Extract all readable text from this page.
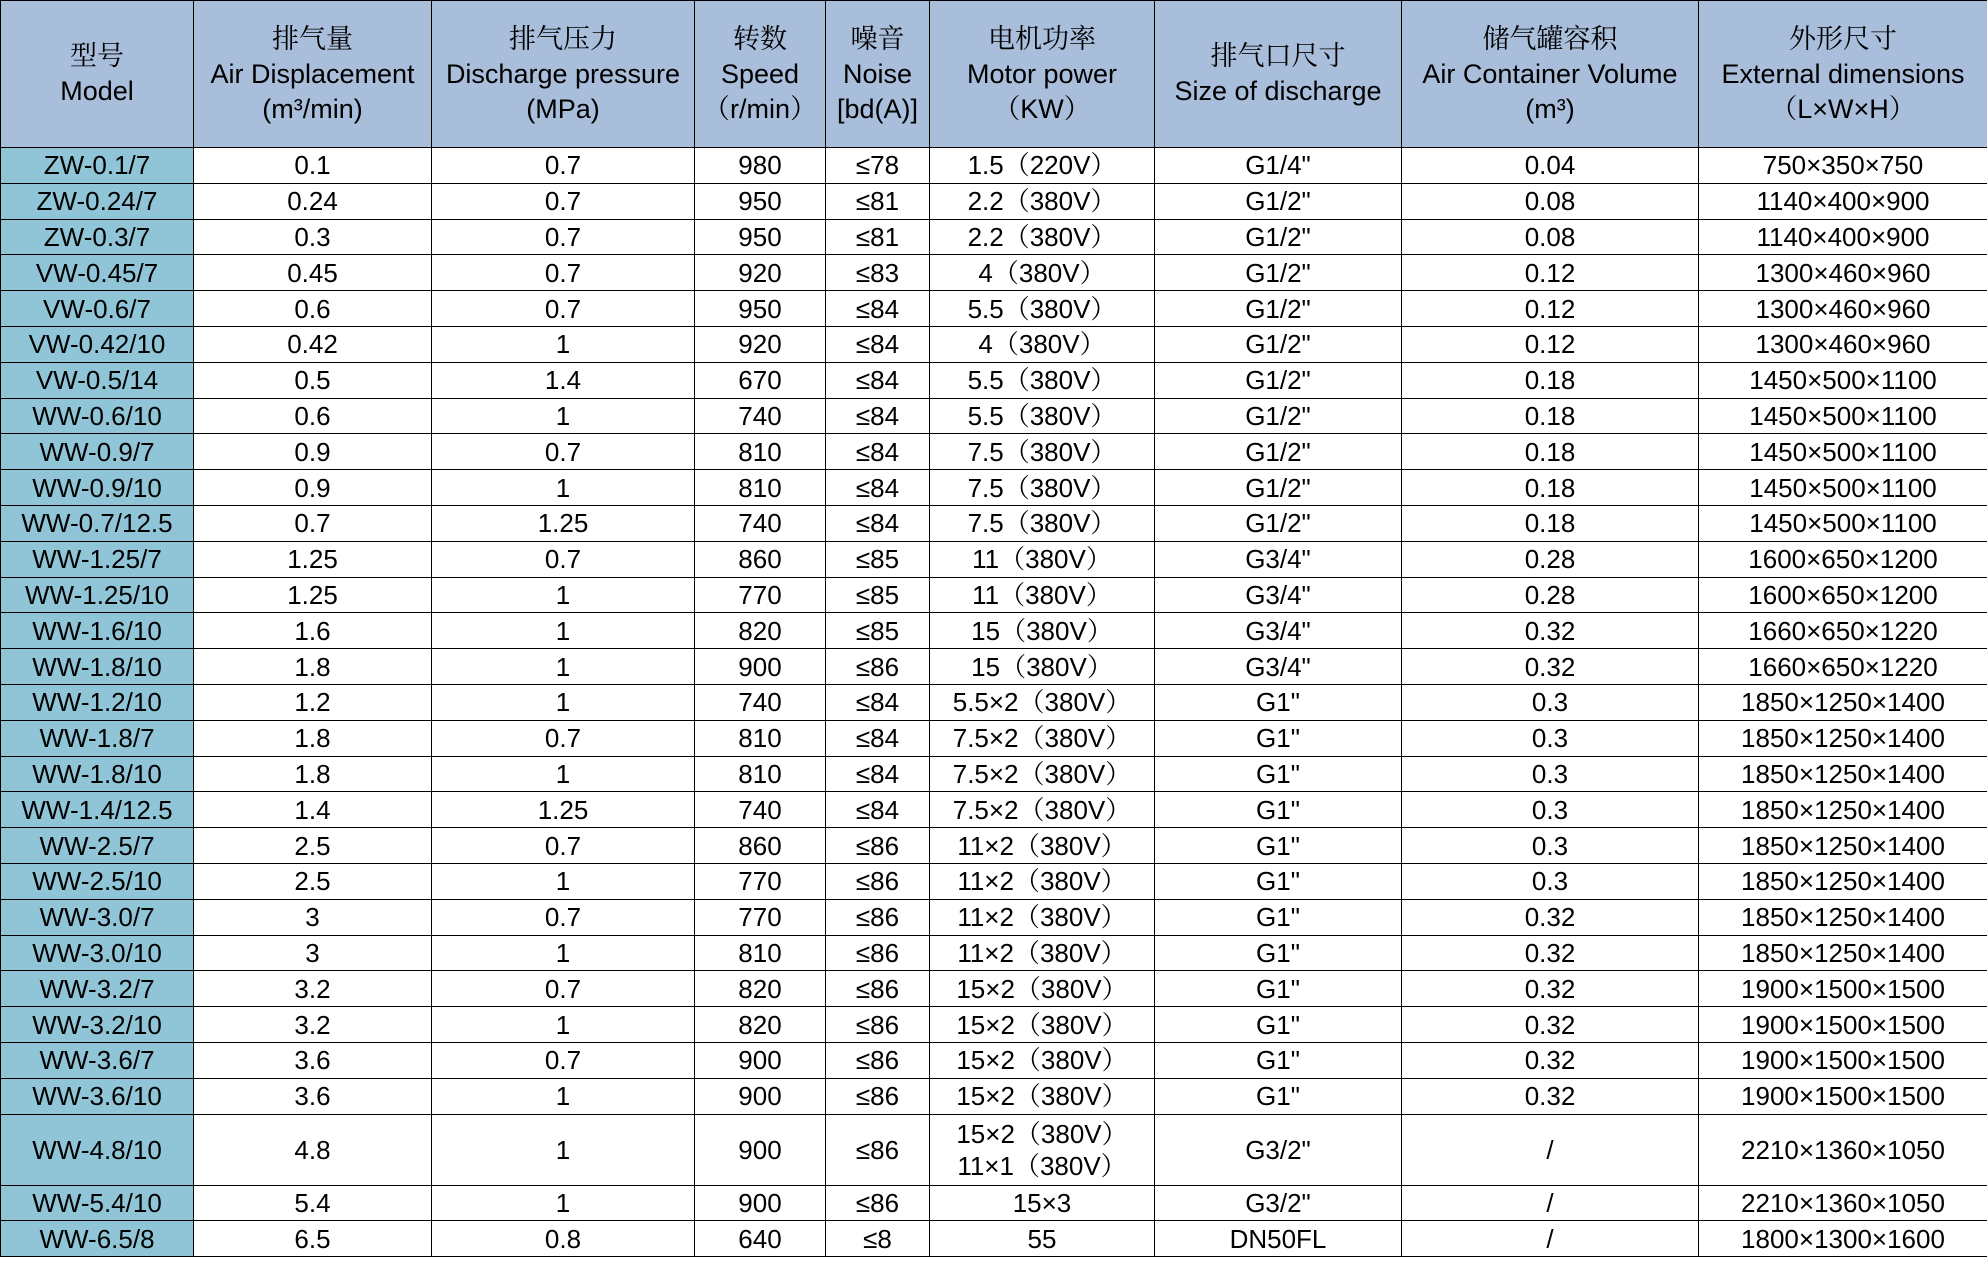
型号
Model	排气量
Air Displacement
(m³/min)	排气压力
Discharge pressure
(MPa)	转数
Speed
（r/min）	噪音
Noise
[bd(A)]	电机功率
Motor power
（KW）	排气口尺寸
Size of discharge	储气罐容积
Air Container Volume
(m³)	外形尺寸
External dimensions
（L×W×H）

ZW-0.1/7	0.1	0.7	980	≤78	1.5（220V）	G1/4"	0.04	750×350×750
ZW-0.24/7	0.24	0.7	950	≤81	2.2（380V）	G1/2"	0.08	1140×400×900
ZW-0.3/7	0.3	0.7	950	≤81	2.2（380V）	G1/2"	0.08	1140×400×900
VW-0.45/7	0.45	0.7	920	≤83	4（380V）	G1/2"	0.12	1300×460×960
VW-0.6/7	0.6	0.7	950	≤84	5.5（380V）	G1/2"	0.12	1300×460×960
VW-0.42/10	0.42	1	920	≤84	4（380V）	G1/2"	0.12	1300×460×960
VW-0.5/14	0.5	1.4	670	≤84	5.5（380V）	G1/2"	0.18	1450×500×1100
WW-0.6/10	0.6	1	740	≤84	5.5（380V）	G1/2"	0.18	1450×500×1100
WW-0.9/7	0.9	0.7	810	≤84	7.5（380V）	G1/2"	0.18	1450×500×1100
WW-0.9/10	0.9	1	810	≤84	7.5（380V）	G1/2"	0.18	1450×500×1100
WW-0.7/12.5	0.7	1.25	740	≤84	7.5（380V）	G1/2"	0.18	1450×500×1100
WW-1.25/7	1.25	0.7	860	≤85	11（380V）	G3/4"	0.28	1600×650×1200
WW-1.25/10	1.25	1	770	≤85	11（380V）	G3/4"	0.28	1600×650×1200
WW-1.6/10	1.6	1	820	≤85	15（380V）	G3/4"	0.32	1660×650×1220
WW-1.8/10	1.8	1	900	≤86	15（380V）	G3/4"	0.32	1660×650×1220
WW-1.2/10	1.2	1	740	≤84	5.5×2（380V）	G1"	0.3	1850×1250×1400
WW-1.8/7	1.8	0.7	810	≤84	7.5×2（380V）	G1"	0.3	1850×1250×1400
WW-1.8/10	1.8	1	810	≤84	7.5×2（380V）	G1"	0.3	1850×1250×1400
WW-1.4/12.5	1.4	1.25	740	≤84	7.5×2（380V）	G1"	0.3	1850×1250×1400
WW-2.5/7	2.5	0.7	860	≤86	11×2（380V）	G1"	0.3	1850×1250×1400
WW-2.5/10	2.5	1	770	≤86	11×2（380V）	G1"	0.3	1850×1250×1400
WW-3.0/7	3	0.7	770	≤86	11×2（380V）	G1"	0.32	1850×1250×1400
WW-3.0/10	3	1	810	≤86	11×2（380V）	G1"	0.32	1850×1250×1400
WW-3.2/7	3.2	0.7	820	≤86	15×2（380V）	G1"	0.32	1900×1500×1500
WW-3.2/10	3.2	1	820	≤86	15×2（380V）	G1"	0.32	1900×1500×1500
WW-3.6/7	3.6	0.7	900	≤86	15×2（380V）	G1"	0.32	1900×1500×1500
WW-3.6/10	3.6	1	900	≤86	15×2（380V）	G1"	0.32	1900×1500×1500
WW-4.8/10	4.8	1	900	≤86	15×2（380V）
11×1（380V）	G3/2"	/	2210×1360×1050
WW-5.4/10	5.4	1	900	≤86	15×3	G3/2"	/	2210×1360×1050
WW-6.5/8	6.5	0.8	640	≤8	55	DN50FL	/	1800×1300×1600
